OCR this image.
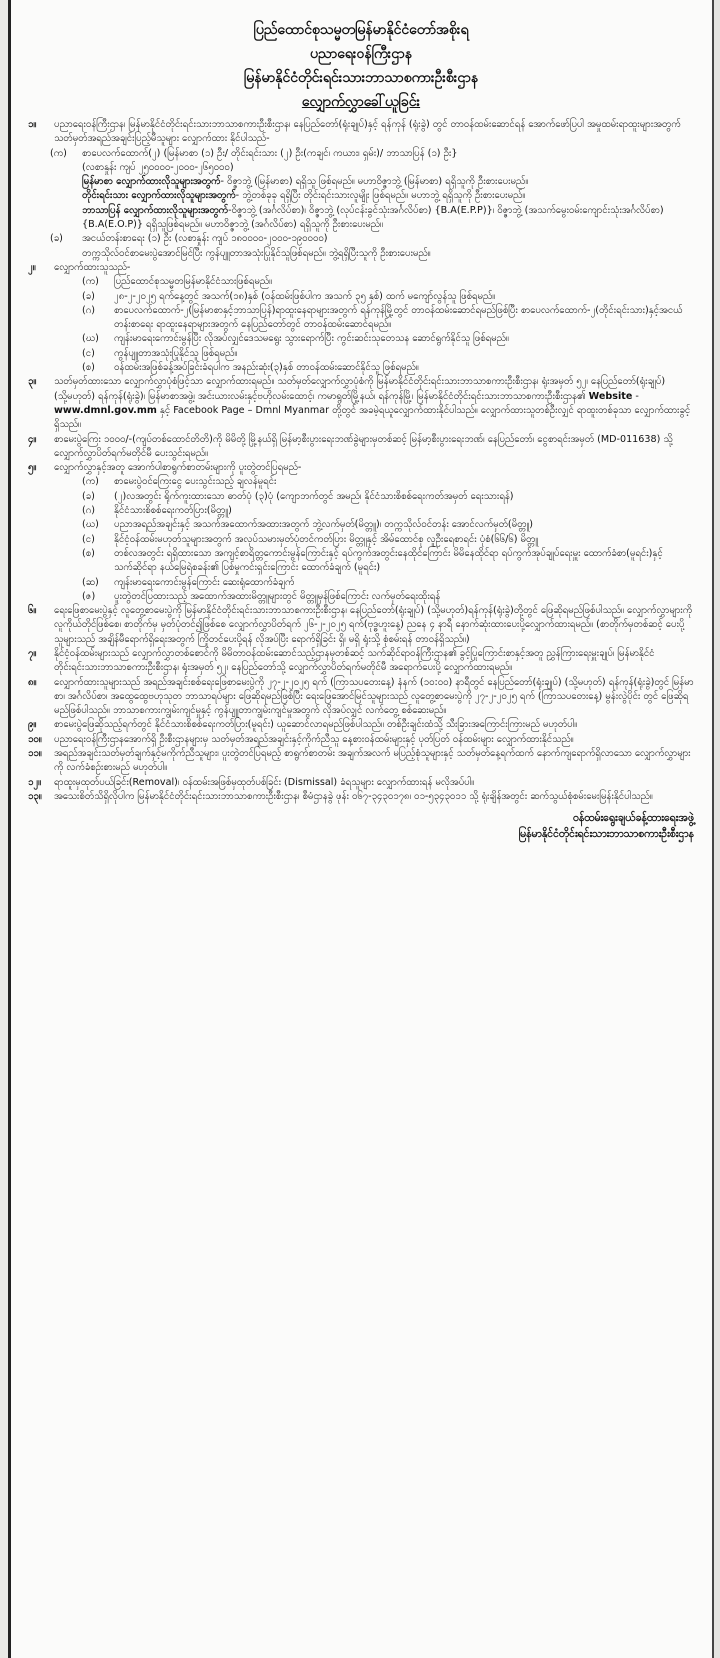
ပြည်ထောင်စုသမ္မတမြန်မာနိုင်ငံတော်အစိုးရ
ပညာရေးဝန်ကြီးဌာန
မြန်မာနိုင်ငံတိုင်းရင်းသားဘာသာစကားဦးစီးဌာန
လျှောက်လွှာခေါ်ယူခြင်း
၁။	ပညာရေးဝန်ကြီးဌာန၊ မြန်မာနိုင်ငံတိုင်းရင်းသားဘာသာစကားဦးစီးဌာန၊ နေပြည်တော်(ရုံးချုပ်)နှင့် ရန်ကုန် (ရုံးခွဲ) တွင် တာဝန်ထမ်းဆောင်ရန် အောက်ဖော်ပြပါ အမှုထမ်းရာထူးများအတွက် သတ်မှတ်အရည်အချင်းပြည့်မီသူများ လျှောက်ထား နိုင်ပါသည်-
(က)	စာပေလက်ထောက်(၂) (မြန်မာစာ (၁) ဦး/ တိုင်းရင်းသား (၂) ဦး(ကချင်၊ ကယား၊ ရှမ်း)/ ဘာသာပြန် (၁) ဦး}
(လစာနှုန်း ကျပ် ၂၅၀၀၀၀-၂၀၀၀-၂၆၅၀၀၀)
မြန်မာစာ လျှောက်ထားလိုသူများအတွက်- ဝိဇ္ဇာဘွဲ့ (မြန်မာစာ) ရရှိသူ ဖြစ်ရမည်။ မဟာဝိဇ္ဇာဘွဲ့ (မြန်မာစာ) ရရှိသူကို ဦးစားပေးမည်။
တိုင်းရင်းသား လျှောက်ထားလိုသူများအတွက်- ဘွဲ့တစ်ခုခု ရရှိပြီး တိုင်းရင်းသားလူမျိုး ဖြစ်ရမည်။ မဟာဘွဲ့ ရရှိသူကို ဦးစားပေးမည်။
ဘာသာပြန် လျှောက်ထားလိုသူများအတွက်-ဝိဇ္ဇာဘွဲ့ (အင်္ဂလိပ်စာ)၊ ဝိဇ္ဇာဘွဲ့ (လုပ်ငန်းခွင်သုံးအင်္ဂလိပ်စာ) {B.A(E.P.P)}၊ ဝိဇ္ဇာဘွဲ့ (အသက်မွေးဝမ်းကျောင်းသုံးအင်္ဂလိပ်စာ) {B.A(E.O.P)} ရရှိသူဖြစ်ရမည်။ မဟာဝိဇ္ဇာဘွဲ့ (အင်္ဂလိပ်စာ) ရရှိသူကို ဦးစားပေးမည်။
(ခ)	အငယ်တန်းစာရေး (၁) ဦး (လစာနှုန်း ကျပ် ၁၈၀၀၀၀-၂၀၀၀-၁၉၀၀၀၀)
တက္ကသိုလ်ဝင်စာမေးပွဲအောင်မြင်ပြီး ကွန်ပျူတာအသုံးပြုနိုင်သူဖြစ်ရမည်။ ဘွဲ့ရရှိပြီးသူကို ဦးစားပေးမည်။
၂။	လျှောက်ထားသူသည်-
(က)	ပြည်ထောင်စုသမ္မတမြန်မာနိုင်ငံသားဖြစ်ရမည်။
(ခ)	၂၈-၂-၂၀၂၅ ရက်နေ့တွင် အသက်(၁၈)နှစ် (ဝန်ထမ်းဖြစ်ပါက အသက် ၃၅ နှစ်) ထက် မကျော်လွန်သူ ဖြစ်ရမည်။
(ဂ)	စာပေလက်ထောက်-၂(မြန်မာစာနှင့်ဘာသာပြန်)ရာထူးနေရာများအတွက် ရန်ကုန်မြို့တွင် တာဝန်ထမ်းဆောင်ရမည်ဖြစ်ပြီး စာပေလက်ထောက်-၂(တိုင်းရင်းသား)နှင့်အငယ်တန်းစာရေး ရာထူးနေရာများအတွက် နေပြည်တော်တွင် တာဝန်ထမ်းဆောင်ရမည်။
(ဃ)	ကျန်းမာရေးကောင်းမွန်ပြီး လိုအပ်လျှင်ဒေသမရွေး သွားရောက်ပြီး ကွင်းဆင်းသုတေသန ဆောင်ရွက်နိုင်သူ ဖြစ်ရမည်။
(င)	ကွန်ပျူတာအသုံးပြုနိုင်သူ ဖြစ်ရမည်။
(စ)	ဝန်ထမ်းအဖြစ်ခန့်အပ်ခြင်းခံရပါက အနည်းဆုံး(၃)နှစ် တာဝန်ထမ်းဆောင်နိုင်သူ ဖြစ်ရမည်။
၃။	သတ်မှတ်ထားသော လျှောက်လွှာပုံစံဖြင့်သာ လျှောက်ထားရမည်။ သတ်မှတ်လျှောက်လွှာပုံစံကို မြန်မာနိုင်ငံတိုင်းရင်းသားဘာသာစကားဦးစီးဌာန၊ ရုံးအမှတ် ၅၂၊ နေပြည်တော်(ရုံးချုပ်) (သို့မဟုတ်) ရန်ကုန်(ရုံးခွဲ)၊ မြန်မာစာအဖွဲ့၊ အင်းယားလမ်းနှင့်ဗဟိုလမ်းထောင့်၊ ကမာရွတ်မြို့နယ်၊ ရန်ကုန်မြို့၊ မြန်မာနိုင်ငံတိုင်းရင်းသားဘာသာစကားဦးစီးဌာန၏ Website - www.dmnl.gov.mm နှင့် Facebook Page – Dmnl Myanmar တို့တွင် အခမဲ့ရယူလျှောက်ထားနိုင်ပါသည်။ လျှောက်ထားသူတစ်ဦးလျှင် ရာထူးတစ်ခုသာ လျှောက်ထားခွင့်ရှိသည်။
၄။	စာမေးပွဲကြေး ၁၀၀၀/-(ကျပ်တစ်ထောင်တိတိ)ကို မိမိတို့ မြို့နယ်ရှိ မြန်မာ့စီးပွားရေးဘဏ်ခွဲများမှတစ်ဆင့် မြန်မာ့စီးပွားရေးဘဏ်၊ နေပြည်တော်၊ ငွေစာရင်းအမှတ် (MD-011638) သို့ လျှောက်လွှာပိတ်ရက်မတိုင်မီ ပေးသွင်းရမည်။
၅။	လျှောက်လွှာနှင့်အတူ အောက်ပါစာရွက်စာတမ်းများကို ပူးတွဲတင်ပြရမည်-
(က)	စာမေးပွဲဝင်ကြေးငွေ ပေးသွင်းသည့် ချလန်မူရင်း
(ခ)	(၂)လအတွင်း ရိုက်ကူးထားသော ဓာတ်ပုံ (၃)ပုံ (ကျောဘက်တွင် အမည်၊ နိုင်ငံသားစိစစ်ရေးကတ်အမှတ် ရေးသားရန်)
(ဂ)	နိုင်ငံသားစိစစ်ရေးကတ်ပြား(မိတ္တူ)
(ဃ)	ပညာအရည်အချင်းနှင့် အသက်အထောက်အထားအတွက် ဘွဲ့လက်မှတ်(မိတ္တူ)၊ တက္ကသိုလ်ဝင်တန်း အောင်လက်မှတ်(မိတ္တူ)
(င)	နိုင်ငံ့ဝန်ထမ်းမဟုတ်သူများအတွက် အလုပ်သမားမှတ်ပုံတင်ကတ်ပြား မိတ္တူနှင့် အိမ်ထောင်စု လူဦးရေစာရင်း ပုံစံ(၆၆/၆) မိတ္တူ
(စ)	တစ်လအတွင်း ရရှိထားသော အကျင့်စာရိတ္တကောင်းမွန်ကြောင်းနှင့် ရပ်ကွက်အတွင်းနေထိုင်ကြောင်း မိမိနေထိုင်ရာ ရပ်ကွက်အုပ်ချုပ်ရေးမှူး ထောက်ခံစာ(မူရင်း)နှင့် သက်ဆိုင်ရာ နယ်မြေရဲစခန်း၏ ပြစ်မှုကင်းရှင်းကြောင်း ထောက်ခံချက် (မူရင်း)
(ဆ)	ကျန်းမာရေးကောင်းမွန်ကြောင်း ဆေးရုံထောက်ခံချက်
(ဇ)	ပူးတွဲတင်ပြထားသည့် အထောက်အထားမိတ္တူများတွင် မိတ္တူမှန်ဖြစ်ကြောင်း လက်မှတ်ရေးထိုးရန်
၆။	ရေးဖြေစာမေးပွဲနှင့် လူတွေ့စာမေးပွဲကို မြန်မာနိုင်ငံတိုင်းရင်းသားဘာသာစကားဦးစီးဌာန၊ နေပြည်တော်(ရုံးချုပ်) (သို့မဟုတ်)ရန်ကုန်(ရုံးခွဲ)တို့တွင် ဖြေဆိုရမည်ဖြစ်ပါသည်။ လျှောက်လွှာများကို လူကိုယ်တိုင်ဖြစ်စေ၊ စာတိုက်မှ မှတ်ပုံတင်၍ဖြစ်စေ လျှောက်လွှာပိတ်ရက် ၂၆-၂-၂၀၂၅ ရက်(ဗုဒ္ဓဟူးနေ့) ညနေ ၄ နာရီ နောက်ဆုံးထားပေးပို့လျှောက်ထားရမည်။ (စာတိုက်မှတစ်ဆင့် ပေးပို့သူများသည် အချိန်မီရောက်ရှိရေးအတွက် ကြိုတင်ပေးပို့ရန် လိုအပ်ပြီး ရောက်ရှိခြင်း ရှိ၊ မရှိ ရုံးသို့ စုံစမ်းရန် တာဝန်ရှိသည်။)
၇။	နိုင်ငံ့ဝန်ထမ်းများသည် လျှောက်လွှာတစ်စောင်ကို မိမိတာဝန်ထမ်းဆောင်သည့်ဌာနမှတစ်ဆင့် သက်ဆိုင်ရာဝန်ကြီးဌာန၏ ခွင့်ပြုကြောင်းစာနှင့်အတူ ညွှန်ကြားရေးမှူးချုပ်၊ မြန်မာနိုင်ငံတိုင်းရင်းသားဘာသာစကားဦးစီးဌာန၊ ရုံးအမှတ် ၅၂၊ နေပြည်တော်သို့ လျှောက်လွှာပိတ်ရက်မတိုင်မီ အရောက်ပေးပို့ လျှောက်ထားရမည်။
၈။	လျှောက်ထားသူများသည် အရည်အချင်းစစ်ရေးဖြေစာမေးပွဲကို ၂၇-၂-၂၀၂၅ ရက် (ကြာသပတေးနေ့) နံနက် (၁၀:၀၀) နာရီတွင် နေပြည်တော်(ရုံးချုပ်) (သို့မဟုတ်) ရန်ကုန်(ရုံးခွဲ)တွင် မြန်မာစာ၊ အင်္ဂလိပ်စာ၊ အထွေထွေဗဟုသုတ ဘာသာရပ်များ ဖြေဆိုရမည်ဖြစ်ပြီး ရေးဖြေအောင်မြင်သူများသည် လူတွေ့စာမေးပွဲကို ၂၇-၂-၂၀၂၅ ရက် (ကြာသပတေးနေ့) မွန်းလွဲပိုင်း တွင် ဖြေဆိုရမည်ဖြစ်ပါသည်။ ဘာသာစကားကျွမ်းကျင်မှုနှင့် ကွန်ပျူတာကျွမ်းကျင်မှုအတွက် လိုအပ်လျှင် လက်တွေ့ စစ်ဆေးမည်။
၉။	စာမေးပွဲဖြေဆိုသည့်ရက်တွင် နိုင်ငံသားစိစစ်ရေးကတ်ပြား(မူရင်း) ယူဆောင်လာရမည်ဖြစ်ပါသည်။ တစ်ဦးချင်းထံသို့ သီးခြားအကြောင်းကြားမည် မဟုတ်ပါ။
၁၀။	ပညာရေးဝန်ကြီးဌာနအောက်ရှိ ဦးစီးဌာနများမှ သတ်မှတ်အရည်အချင်းနှင့်ကိုက်ညီသူ နေ့စားဝန်ထမ်းများနှင့် ပုတ်ပြတ် ဝန်ထမ်းများ လျှောက်ထားနိုင်သည်။
၁၁။	အရည်အချင်းသတ်မှတ်ချက်နှင့်မကိုက်ညီသူများ၊ ပူးတွဲတင်ပြရမည့် စာရွက်စာတမ်း အချက်အလက် မပြည့်စုံသူများနှင့် သတ်မှတ်နေ့ရက်ထက် နောက်ကျရောက်ရှိလာသော လျှောက်လွှာများကို လက်ခံစဉ်းစားမည် မဟုတ်ပါ။
၁၂။	ရာထူးမှထုတ်ပယ်ခြင်း(Removal)၊ ဝန်ထမ်းအဖြစ်မှထုတ်ပစ်ခြင်း (Dismissal) ခံရသူများ လျှောက်ထားရန် မလိုအပ်ပါ။
၁၃။	အသေးစိတ်သိရှိလိုပါက မြန်မာနိုင်ငံတိုင်းရင်းသားဘာသာစကားဦးစီးဌာန၊ စီမံဌာနခွဲ ဖုန်း ၀၆၇-၃၄၃၀၁၇၈၊ ၀၁-၅၃၄၃၀၁၁ သို့ ရုံးချိန်အတွင်း ဆက်သွယ်စုံစမ်းမေးမြန်းနိုင်ပါသည်။
ဝန်ထမ်းရွေးချယ်ခန့်ထားရေးအဖွဲ့
မြန်မာနိုင်ငံတိုင်းရင်းသားဘာသာစကားဦးစီးဌာန
